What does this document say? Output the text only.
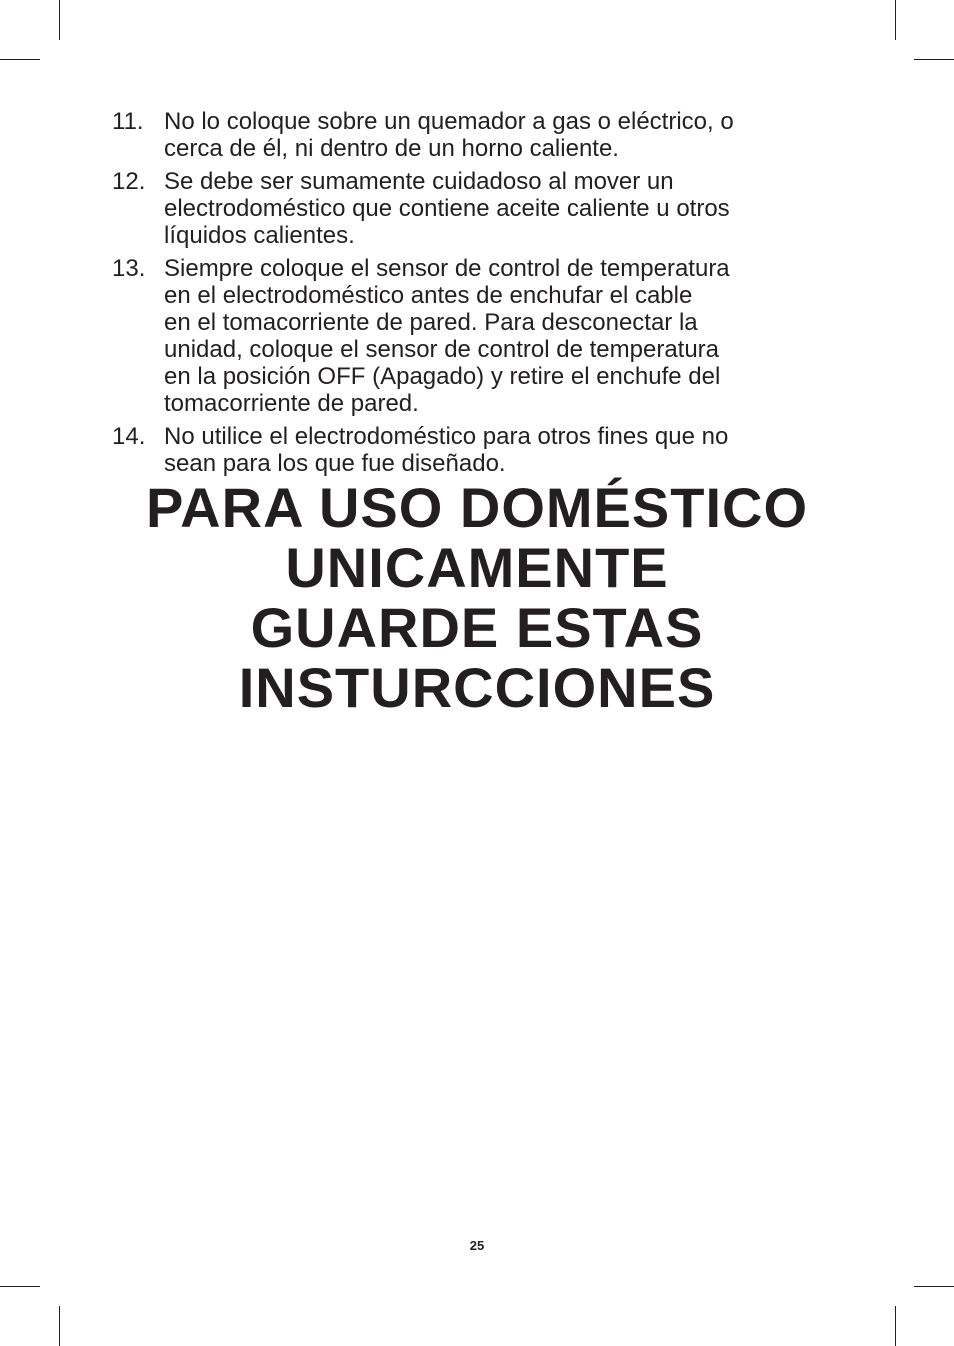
11. No lo coloque sobre un quemador a gas o eléctrico, o
cerca de él, ni dentro de un horno caliente.
12. Se debe ser sumamente cuidadoso al mover un
electrodoméstico que contiene aceite caliente u otros
líquidos calientes.
13. Siempre coloque el sensor de control de temperatura
en el electrodoméstico antes de enchufar el cable
en el tomacorriente de pared. Para desconectar la
unidad, coloque el sensor de control de temperatura
en la posición OFF (Apagado) y retire el enchufe del
tomacorriente de pared.
14. No utilice el electrodoméstico para otros fines que no
sean para los que fue diseñado.
PARA USO DOMÉSTICO
UNICAMENTE
GUARDE ESTAS
INSTURCCIONES
25
